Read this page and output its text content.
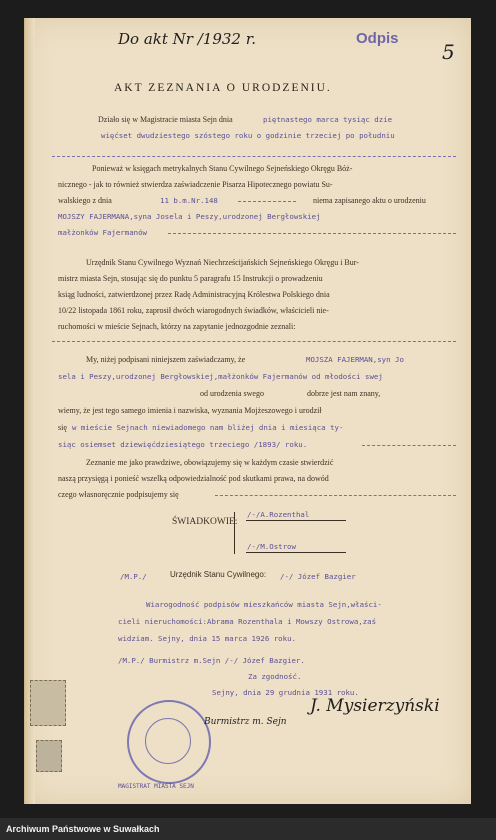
Do akt Nr /1932 r.	Odpis
5
AKT ZEZNANIA O URODZENIU.
Działo się w Magistracie miasta Sejn dnia	piętnastego marca tysiąc dzie
więćset dwudziestego szóstego roku o godzinie trzeciej po południu
Ponieważ w księgach metrykalnych Stanu Cywilnego Sejneńskiego Okręgu Bóż-
nicznego - jak to również stwierdza zaświadczenie Pisarza Hipotecznego powiatu Su-
walskiego z dnia	11 b.m.Nr.148	niema zapisanego aktu o urodzeniu
MOJSZY FAJERMANA,syna Josela i Peszy,urodzonej Bergłowskiej
małżonków Fajermanów
Urzędnik Stanu Cywilnego Wyznań Niechrześcijańskich Sejneńskiego Okręgu i Bur-
mistrz miasta Sejn, stosując się do punktu 5 paragrafu 15 Instrukcji o prowadzeniu
ksiąg ludności, zatwierdzonej przez Radę Administracyjną Królestwa Polskiego dnia
10/22 listopada 1861 roku, zaprosił dwóch wiarogodnych świadków, właścicieli nie-
ruchomości w mieście Sejnach, którzy na zapytanie jednozgodnie zeznali:
My, niżej podpisani niniejszem zaświadczamy, że	MOJSZA FAJERMAN,syn Jo
sela i Peszy,urodzonej Bergłowskiej,małżonków Fajermanów od młodości swej
od urodzenia swego	dobrze jest nam znany,
wiemy, że jest tego samego imienia i nazwiska, wyznania Mojżeszowego i urodził
się w mieście Sejnach niewiadomego nam bliżej dnia i miesiąca ty-
siąc osiemset dziewięćdziesiątego trzeciego /1893/ roku.
Zeznanie me jako prawdziwe, obowiązujemy się w każdym czasie stwierdzić
naszą przysięgą i ponieść wszelką odpowiedzialność pod skutkami prawa, na dowód
czego własnoręcznie podpisujemy się
ŚWIADKOWIE:
/-/A.Rozenthal
/-/M.Ostrow
/M.P./	Urzędnik Stanu Cywilnego: /-/ Józef Bazgier
Wiarogodność podpisów mieszkańców miasta Sejn,właści-
cieli nieruchomości:Abrama Rozenthala i Mowszy Ostrowa,zaś
widziam. Sejny, dnia 15 marca 1926 roku.
/M.P./ Burmistrz m.Sejn /-/ Józef Bazgier.
Za zgodność.
Sejny, dnia 29 grudnia 1931 roku.
MAGISTRAT MIASTA SEJN
Burmistrz m. Sejn
J. Mysierzyński
Archiwum Państwowe w Suwałkach
